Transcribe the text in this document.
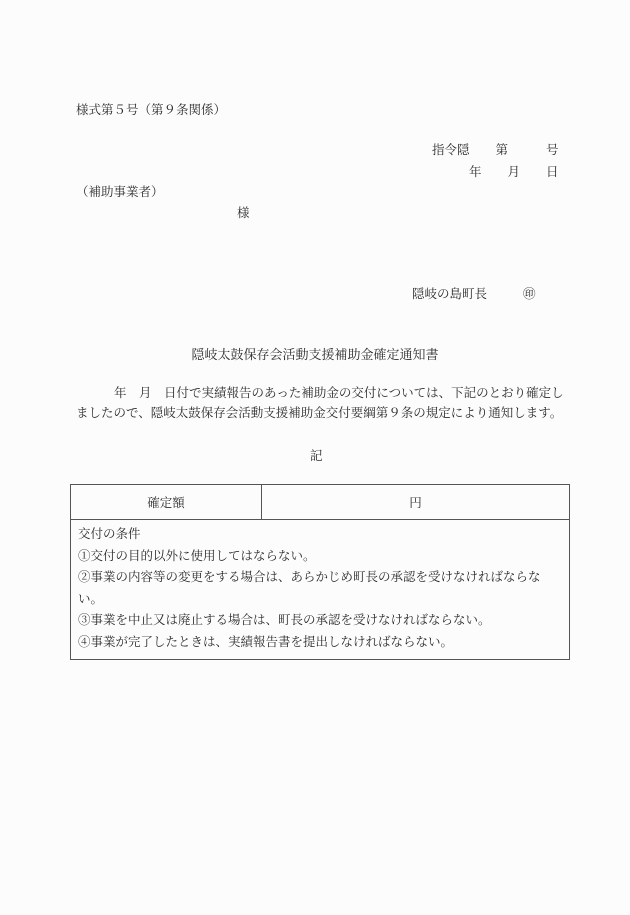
様式第５号（第９条関係）
指令隠 第	号
年 月 日
（補助事業者）
様
隠岐の島町長	㊞
隠岐太鼓保存会活動支援補助金確定通知書
年　月　日付で実績報告のあった補助金の交付については、下記のとおり確定し
ましたので、隠岐太鼓保存会活動支援補助金交付要綱第９条の規定により通知します。
記
確定額	円
交付の条件
①交付の目的以外に使用してはならない。
②事業の内容等の変更をする場合は、あらかじめ町長の承認を受けなければならない。
③事業を中止又は廃止する場合は、町長の承認を受けなければならない。
④事業が完了したときは、実績報告書を提出しなければならない。
